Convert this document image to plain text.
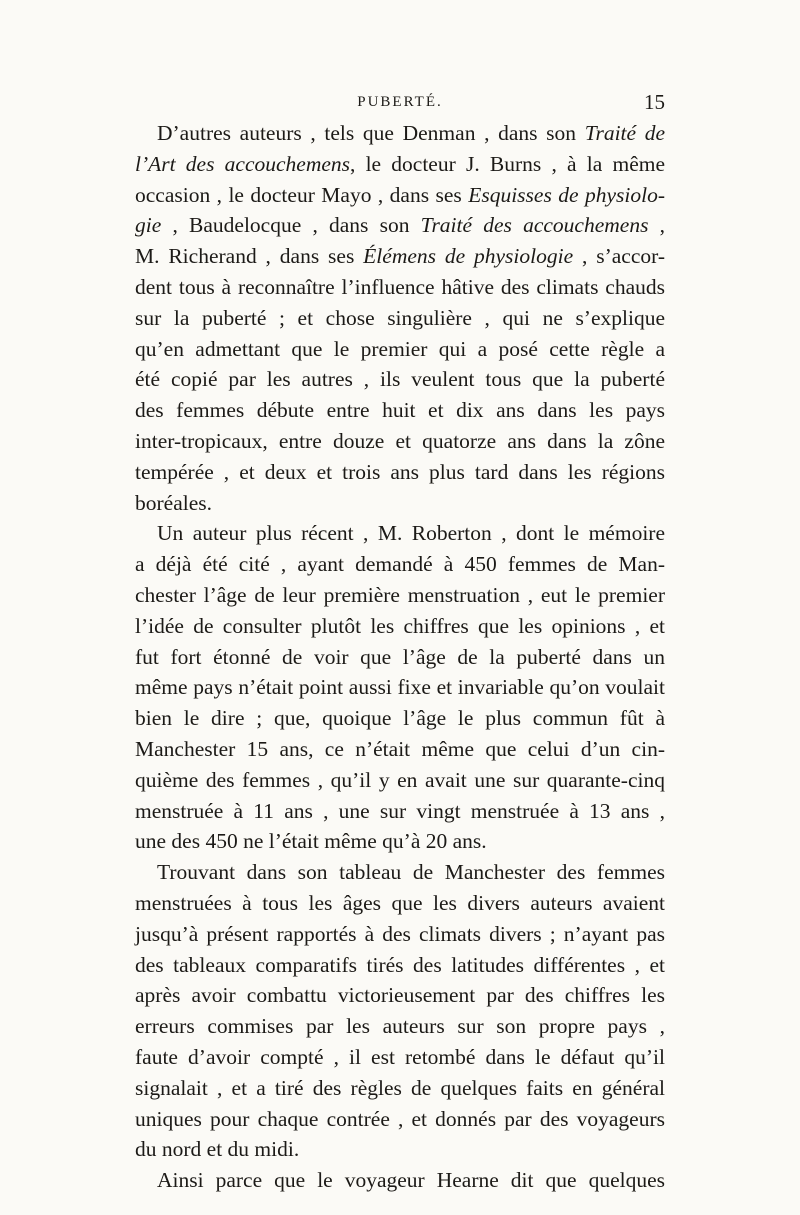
PUBERTÉ.	15
D’autres auteurs , tels que Denman , dans son Traité de
l’Art des accouchemens, le docteur J. Burns , à la même
occasion , le docteur Mayo , dans ses Esquisses de physiolo-
gie , Baudelocque , dans son Traité des accouchemens ,
M. Richerand , dans ses Élémens de physiologie , s’accor-
dent tous à reconnaître l’influence hâtive des climats chauds
sur la puberté ; et chose singulière , qui ne s’explique
qu’en admettant que le premier qui a posé cette règle a
été copié par les autres , ils veulent tous que la puberté
des femmes débute entre huit et dix ans dans les pays
inter-tropicaux, entre douze et quatorze ans dans la zône
tempérée , et deux et trois ans plus tard dans les régions
boréales.
Un auteur plus récent , M. Roberton , dont le mémoire
a déjà été cité , ayant demandé à 450 femmes de Man-
chester l’âge de leur première menstruation , eut le premier
l’idée de consulter plutôt les chiffres que les opinions , et
fut fort étonné de voir que l’âge de la puberté dans un
même pays n’était point aussi fixe et invariable qu’on voulait
bien le dire ; que, quoique l’âge le plus commun fût à
Manchester 15 ans, ce n’était même que celui d’un cin-
quième des femmes , qu’il y en avait une sur quarante-cinq
menstruée à 11 ans , une sur vingt menstruée à 13 ans ,
une des 450 ne l’était même qu’à 20 ans.
Trouvant dans son tableau de Manchester des femmes
menstruées à tous les âges que les divers auteurs avaient
jusqu’à présent rapportés à des climats divers ; n’ayant pas
des tableaux comparatifs tirés des latitudes différentes , et
après avoir combattu victorieusement par des chiffres les
erreurs commises par les auteurs sur son propre pays ,
faute d’avoir compté , il est retombé dans le défaut qu’il
signalait , et a tiré des règles de quelques faits en général
uniques pour chaque contrée , et donnés par des voyageurs
du nord et du midi.
Ainsi parce que le voyageur Hearne dit que quelques
